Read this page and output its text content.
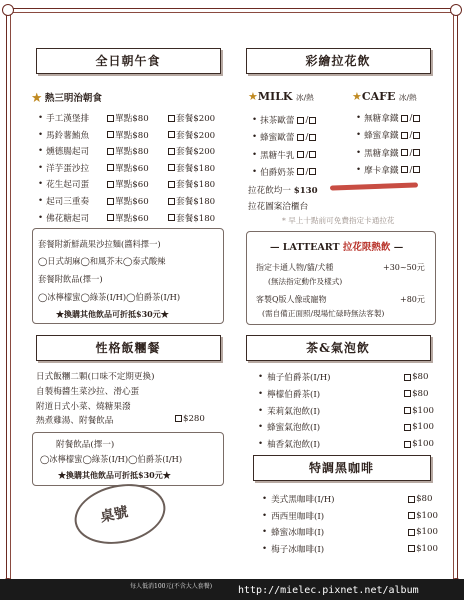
全日朝午食
★ 熱三明治朝食
• 手工漢堡排	單點$80	套餐$200
• 馬鈴薯鮪魚	單點$80	套餐$200
• 燻德腸起司	單點$80	套餐$200
• 洋芋蛋沙拉	單點$60	套餐$180
• 花生起司蛋	單點$60	套餐$180
• 起司三重奏	單點$60	套餐$180
• 佛花糖起司	單點$60	套餐$180
套餐附新鮮蔬果沙拉麵(醬料擇一)
◯日式胡麻◯和風芥末◯泰式酸辣
套餐附飲品(擇一)
◯冰檸檬蜜◯綠茶(I/H)◯伯爵茶(I/H)
★換購其他飲品可折抵$30元★
彩繪拉花飲
★MILK 冰/熱	★CAFE 冰/熱
• 抹茶歐蕾 /
• 蜂蜜歐蕾 /
• 黑糖牛乳 /
• 伯爵奶茶 /
• 無糖拿鐵 /
• 蜂蜜拿鐵 /
• 黑糖拿鐵 /
• 摩卡拿鐵 /
拉花飲均一 $130
拉花圖案洽櫃台
* 早上十點前可免費指定卡通拉花
— LATTEART 拉花限熱飲 —
指定卡通人物/貓/犬種	+30~50元
(無法指定動作及樣式)
客製Q版人像或寵物	+80元
(需自備正面照/現場忙碌時無法客製)
性格飯糰餐
日式飯糰二顆(口味不定期更換)
自製梅醬生菜沙拉、滑心蛋
附道日式小菜、燒糖果潑
熱煮雞湯、附餐飲品	$280
附餐飲品(擇一)
◯冰檸檬蜜◯綠茶(I/H)◯伯爵茶(I/H)
★換購其他飲品可折抵$30元★
桌號
茶&氣泡飲
• 柚子伯爵茶(I/H)	$80
• 檸檬伯爵茶(I)	$80
• 茉莉氣泡飲(I)	$100
• 蜂蜜氣泡飲(I)	$100
• 柚香氣泡飲(I)	$100
特調黑咖啡
• 美式黑咖啡(I/H)	$80
• 西西里咖啡(I)	$100
• 蜂蜜冰咖啡(I)	$100
• 梅子冰咖啡(I)	$100
每人低消100元(不含大人套餐)	http://mielec.pixnet.net/album
